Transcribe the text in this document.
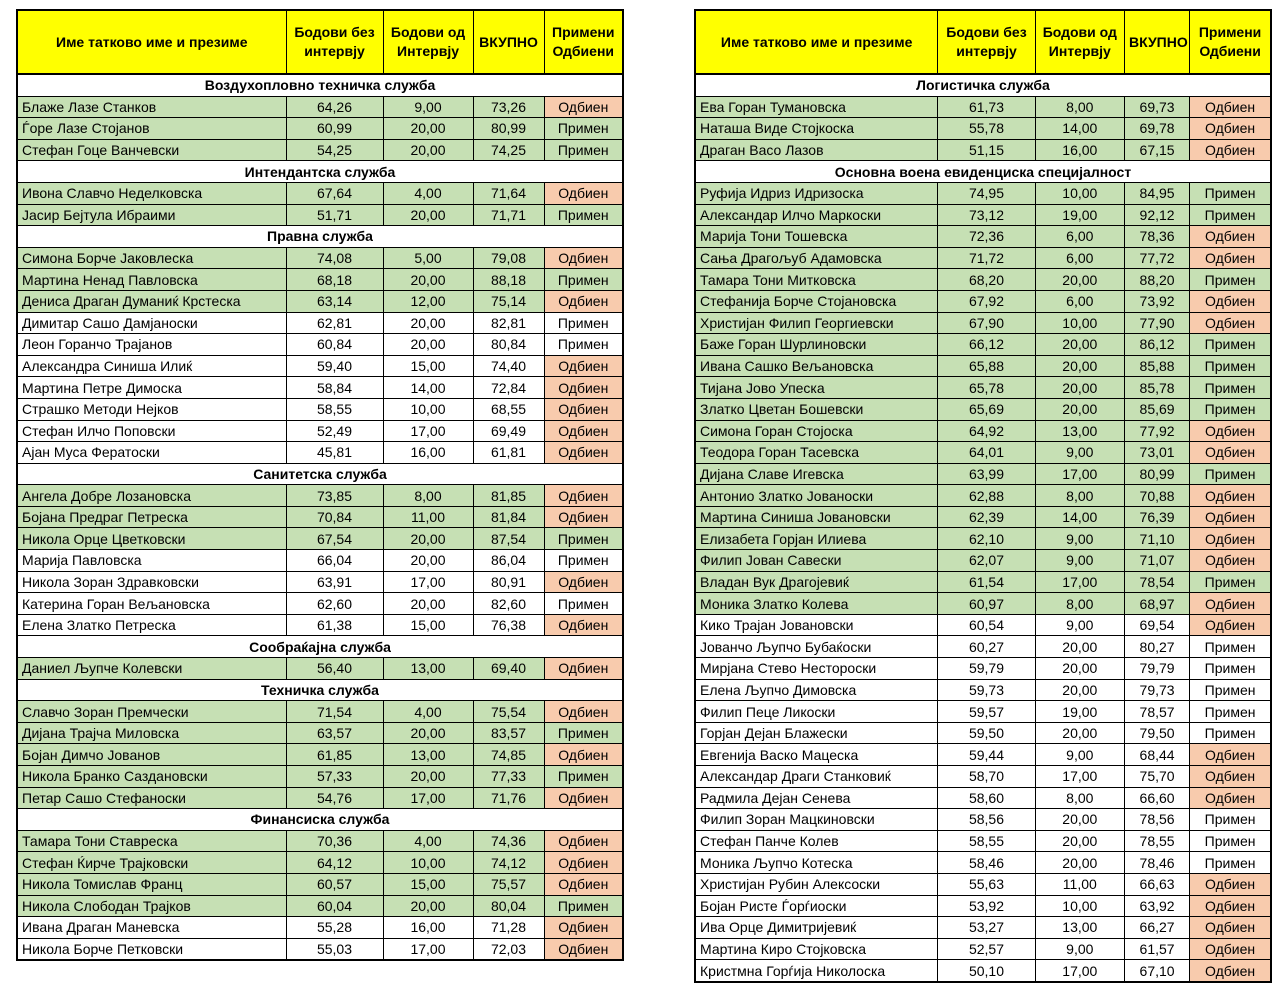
Име татково име и презиме	Бодови без интервју	Бодови од Интервју	ВКУПНО	Примени Одбиени
Воздухопловно техничка служба				
Блаже Лазе Станков	64,26	9,00	73,26	Одбиен
Ѓоре Лазе Стојанов	60,99	20,00	80,99	Примен
Стефан Гоце Ванчевски	54,25	20,00	74,25	Примен
Интендантска служба				
Ивона Славчо Неделковска	67,64	4,00	71,64	Одбиен
Јасир Бејтула Ибраими	51,71	20,00	71,71	Примен
Правна служба				
Симона Борче Јаковлеска	74,08	5,00	79,08	Одбиен
Мартина Ненад Павловска	68,18	20,00	88,18	Примен
Дениса Драган Думаниќ Крстеска	63,14	12,00	75,14	Одбиен
Димитар Сашо Дамјаноски	62,81	20,00	82,81	Примен
Леон Горанчо Трајанов	60,84	20,00	80,84	Примен
Александра Синиша Илиќ	59,40	15,00	74,40	Одбиен
Мартина Петре Димоска	58,84	14,00	72,84	Одбиен
Страшко Методи Нејков	58,55	10,00	68,55	Одбиен
Стефан Илчо Поповски	52,49	17,00	69,49	Одбиен
Ајан Муса Фератоски	45,81	16,00	61,81	Одбиен
Санитетска служба				
Ангела Добре Лозановска	73,85	8,00	81,85	Одбиен
Бојана Предраг Петреска	70,84	11,00	81,84	Одбиен
Никола Орце Цветковски	67,54	20,00	87,54	Примен
Марија Павловска	66,04	20,00	86,04	Примен
Никола Зоран Здравковски	63,91	17,00	80,91	Одбиен
Катерина Горан Вељановска	62,60	20,00	82,60	Примен
Елена Златко Петреска	61,38	15,00	76,38	Одбиен
Сообраќајна служба				
Даниел Љупче Колевски	56,40	13,00	69,40	Одбиен
Техничка служба				
Славчо Зоран Премчески	71,54	4,00	75,54	Одбиен
Дијана Трајча Миловска	63,57	20,00	83,57	Примен
Бојан Димчо Јованов	61,85	13,00	74,85	Одбиен
Никола Бранко Саздановски	57,33	20,00	77,33	Примен
Петар Сашо Стефаноски	54,76	17,00	71,76	Одбиен
Финансиска служба				
Тамара Тони Ставреска	70,36	4,00	74,36	Одбиен
Стефан Ќирче Трајковски	64,12	10,00	74,12	Одбиен
Никола Томислав Франц	60,57	15,00	75,57	Одбиен
Никола Слободан Трајков	60,04	20,00	80,04	Примен
Ивана Драган Маневска	55,28	16,00	71,28	Одбиен
Никола Борче Петковски	55,03	17,00	72,03	Одбиен
Име татково име и презиме	Бодови без интервју	Бодови од Интервју	ВКУПНО	Примени Одбиени
Логистичка служба				
Ева Горан Тумановска	61,73	8,00	69,73	Одбиен
Наташа Виде Стојкоска	55,78	14,00	69,78	Одбиен
Драган Васо Лазов	51,15	16,00	67,15	Одбиен
Основна воена евиденциска специјалност				
Руфија Идриз Идризоска	74,95	10,00	84,95	Примен
Александар Илчо Маркоски	73,12	19,00	92,12	Примен
Марија Тони Тошевска	72,36	6,00	78,36	Одбиен
Сања Драгољуб Адамовска	71,72	6,00	77,72	Одбиен
Тамара Тони Митковска	68,20	20,00	88,20	Примен
Стефанија Борче Стојановска	67,92	6,00	73,92	Одбиен
Христијан Филип Георгиевски	67,90	10,00	77,90	Одбиен
Баже Горан Шурлиновски	66,12	20,00	86,12	Примен
Ивана Сашко Вељановска	65,88	20,00	85,88	Примен
Тијана Јово Упеска	65,78	20,00	85,78	Примен
Златко Цветан Бошевски	65,69	20,00	85,69	Примен
Симона Горан Стојоска	64,92	13,00	77,92	Одбиен
Теодора Горан Тасевска	64,01	9,00	73,01	Одбиен
Дијана Славе Игевска	63,99	17,00	80,99	Примен
Антонио Златко Јованоски	62,88	8,00	70,88	Одбиен
Мартина Синиша Јовановски	62,39	14,00	76,39	Одбиен
Елизабета Горјан Илиева	62,10	9,00	71,10	Одбиен
Филип Јован Савески	62,07	9,00	71,07	Одбиен
Владан Вук Драгојевиќ	61,54	17,00	78,54	Примен
Моника Златко Колева	60,97	8,00	68,97	Одбиен
Кико Трајан Јовановски	60,54	9,00	69,54	Одбиен
Јованчо Љупчо Бубаќоски	60,27	20,00	80,27	Примен
Мирјана Стево Несторoски	59,79	20,00	79,79	Примен
Елена Љупчо Димовска	59,73	20,00	79,73	Примен
Филип Пеце Ликоски	59,57	19,00	78,57	Примен
Горјан Дејан Блажески	59,50	20,00	79,50	Примен
Евгенија Васко Мацеска	59,44	9,00	68,44	Одбиен
Александар Драги Станковиќ	58,70	17,00	75,70	Одбиен
Радмила Дејан Сенева	58,60	8,00	66,60	Одбиен
Филип Зоран Мацкиновски	58,56	20,00	78,56	Примен
Стефан Панче Колев	58,55	20,00	78,55	Примен
Моника Љупчо Котеска	58,46	20,00	78,46	Примен
Христијан Рубин Алексоски	55,63	11,00	66,63	Одбиен
Бојан Ристе Ѓорѓиоски	53,92	10,00	63,92	Одбиен
Ива Орце Димитријевиќ	53,27	13,00	66,27	Одбиен
Мартина Киро Стојковска	52,57	9,00	61,57	Одбиен
Кристмна Горѓија Николоска	50,10	17,00	67,10	Одбиен
